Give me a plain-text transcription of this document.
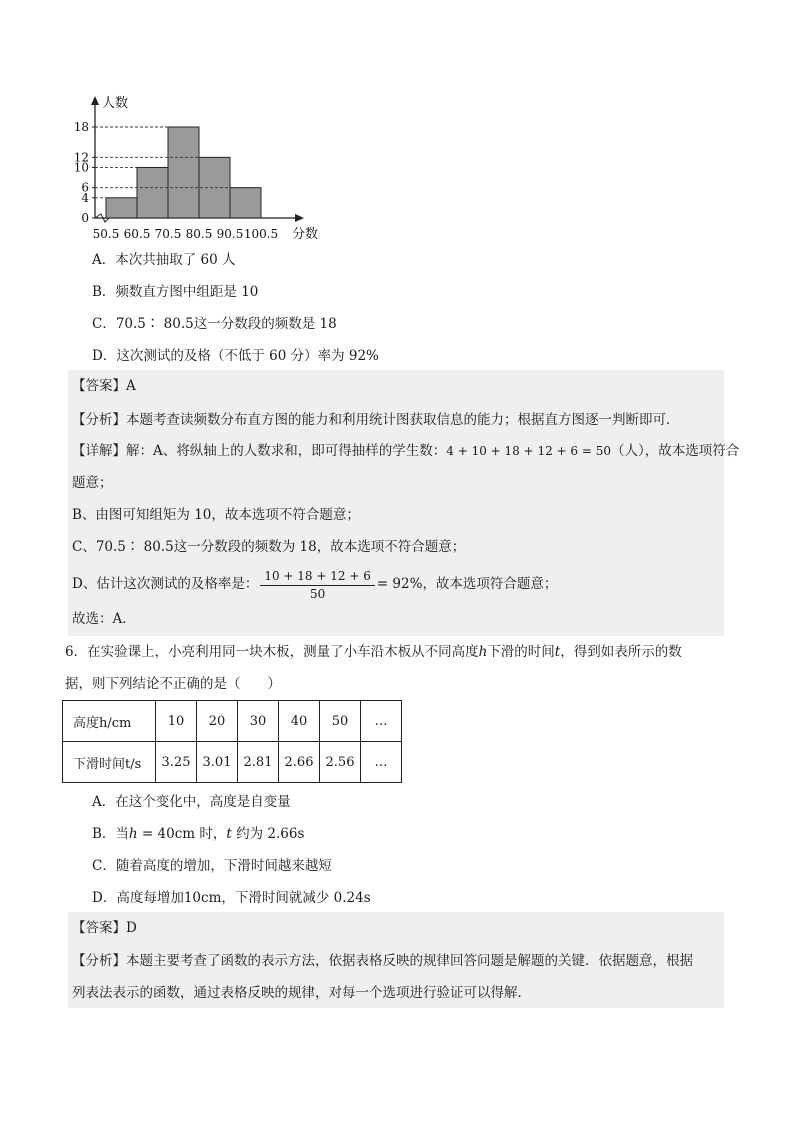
0
4
6
10
12
18
50.5 60.5 70.5 80.5 90.5 100.5
人数
分数
A．本次共抽取了 60 人
B．频数直方图中组距是 10
C．70.5∶ 80.5这一分数段的频数是 18
D．这次测试的及格（不低于 60 分）率为 92%
【答案】A
【分析】本题考查读频数分布直方图的能力和利用统计图获取信息的能力；根据直方图逐一判断即可．
【详解】解：A、将纵轴上的人数求和，即可得抽样的学生数：4 + 10 + 18 + 12 + 6 = 50（人），故本选项符合
题意；
B、由图可知组矩为 10，故本选项不符合题意；
C、70.5∶ 80.5这一分数段的频数为 18，故本选项不符合题意；
D、估计这次测试的及格率是： $\frac{10 + 18 + 12 + 6}{50} = 92\%$，故本选项符合题意；
故选：A．
6．在实验课上，小亮利用同一块木板，测量了小车沿木板从不同高度h下滑的时间t，得到如表所示的数
据，则下列结论不正确的是（　　）
高度h/cm	10	20	30	40	50	…
下滑时间t/s	3.25	3.01	2.81	2.66	2.56	…
A．在这个变化中，高度是自变量
B．当h = 40cm 时，t 约为 2.66s
C．随着高度的增加，下滑时间越来越短
D．高度每增加10cm，下滑时间就减少 0.24s
【答案】D
【分析】本题主要考查了函数的表示方法，依据表格反映的规律回答问题是解题的关键．依据题意，根据
列表法表示的函数，通过表格反映的规律，对每一个选项进行验证可以得解．
